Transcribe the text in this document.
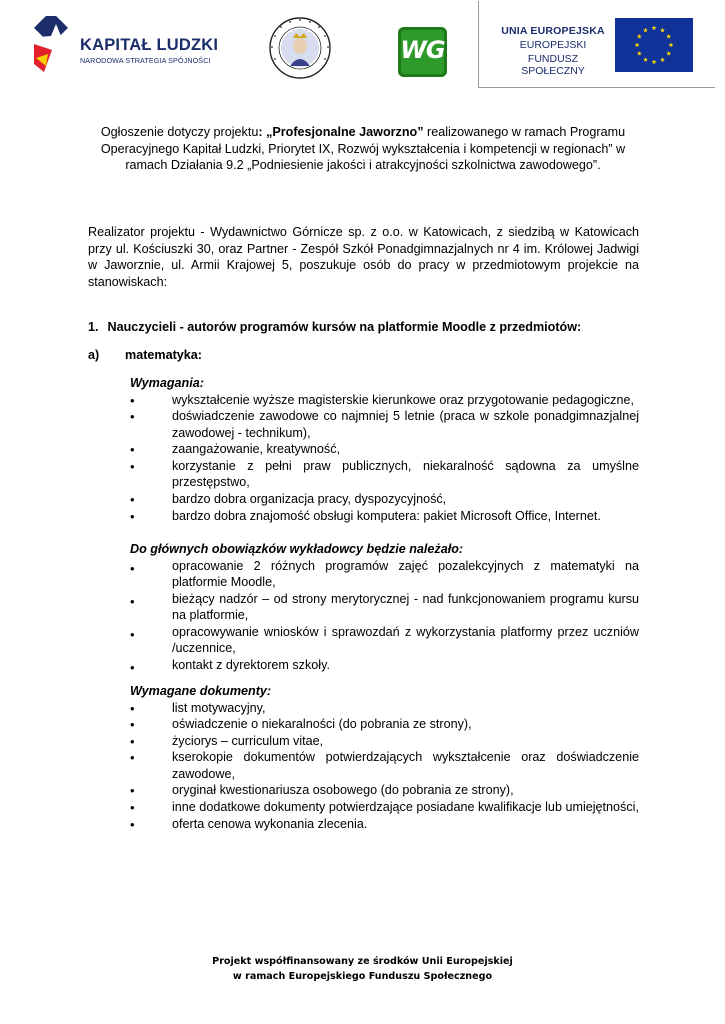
KAPITAŁ LUDZKI
NARODOWA STRATEGIA SPÓJNOŚCI	WG
UNIA EUROPEJSKA
EUROPEJSKI
FUNDUSZ SPOŁECZNY
Ogłoszenie dotyczy projektu: „Profesjonalne Jaworzno” realizowanego w ramach Programu Operacyjnego Kapitał Ludzki, Priorytet IX, Rozwój wykształcenia i kompetencji w regionach” w ramach Działania 9.2 „Podniesienie jakości i atrakcyjności szkolnictwa zawodowego”.
Realizator projektu - Wydawnictwo Górnicze sp. z o.o. w Katowicach, z siedzibą w Katowicach przy ul. Kościuszki 30, oraz Partner - Zespół Szkół Ponadgimnazjalnych nr 4 im. Królowej Jadwigi w Jaworznie, ul. Armii Krajowej 5, poszukuje osób do pracy w przedmiotowym projekcie na stanowiskach:
1. Nauczycieli - autorów programów kursów na platformie Moodle z przedmiotów:
a) matematyka:
Wymagania:
•	wykształcenie wyższe magisterskie kierunkowe oraz przygotowanie pedagogiczne,
•	doświadczenie zawodowe co najmniej 5 letnie (praca w szkole ponadgimnazjalnej zawodowej - technikum),
•	zaangażowanie, kreatywność,
•	korzystanie z pełni praw publicznych, niekaralność sądowna za umyślne przestępstwo,
•	bardzo dobra organizacja pracy, dyspozycyjność,
•	bardzo dobra znajomość obsługi komputera: pakiet Microsoft Office, Internet.
Do głównych obowiązków wykładowcy będzie należało:
•	opracowanie 2 różnych programów zajęć pozalekcyjnych z matematyki na platformie Moodle,
•	bieżący nadzór – od strony merytorycznej - nad funkcjonowaniem programu kursu na platformie,
•	opracowywanie wniosków i sprawozdań z wykorzystania platformy przez uczniów /uczennice,
•	kontakt z dyrektorem szkoły.
Wymagane dokumenty:
•	list motywacyjny,
•	oświadczenie o niekaralności (do pobrania ze strony),
•	życiorys – curriculum vitae,
•	kserokopie dokumentów potwierdzających wykształcenie oraz doświadczenie zawodowe,
•	oryginał kwestionariusza osobowego (do pobrania ze strony),
•	inne dodatkowe dokumenty potwierdzające posiadane kwalifikacje lub umiejętności,
•	oferta cenowa wykonania zlecenia.
Projekt współfinansowany ze środków Unii Europejskiej
w ramach Europejskiego Funduszu Społecznego
